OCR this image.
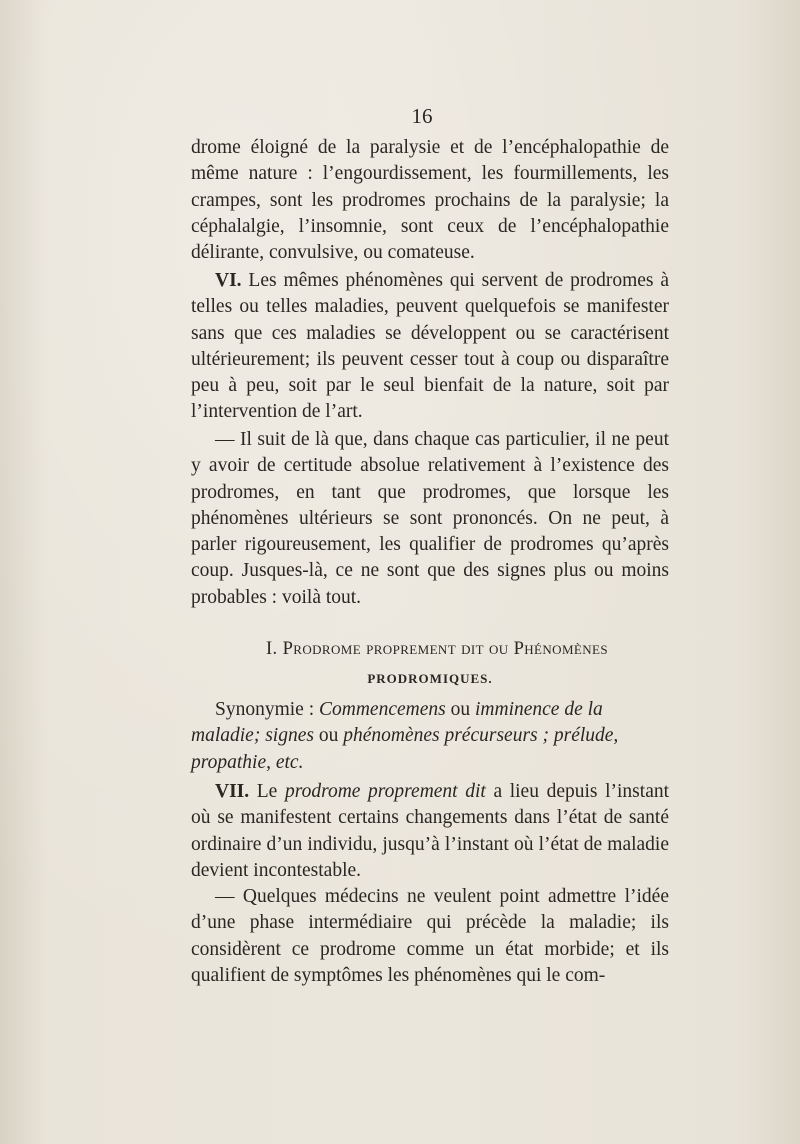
16

drome éloigné de la paralysie et de l’encéphalopathie de même nature : l’engourdissement, les fourmillements, les crampes, sont les prodromes prochains de la paralysie; la céphalalgie, l’insomnie, sont ceux de l’encéphalopathie délirante, convulsive, ou comateuse.

VI. Les mêmes phénomènes qui servent de prodromes à telles ou telles maladies, peuvent quelquefois se manifester sans que ces maladies se développent ou se caractérisent ultérieurement; ils peuvent cesser tout à coup ou disparaître peu à peu, soit par le seul bienfait de la nature, soit par l’intervention de l’art.

— Il suit de là que, dans chaque cas particulier, il ne peut y avoir de certitude absolue relativement à l’existence des prodromes, en tant que prodromes, que lorsque les phénomènes ultérieurs se sont prononcés. On ne peut, à parler rigoureusement, les qualifier de prodromes qu’après coup. Jusques-là, ce ne sont que des signes plus ou moins probables : voilà tout.

I. Prodrome proprement dit ou Phénomènes
PRODROMIQUES.

Synonymie : Commencemens ou imminence de la maladie; signes ou phénomènes précurseurs ; prélude, propathie, etc.

VII. Le prodrome proprement dit a lieu depuis l’instant où se manifestent certains changements dans l’état de santé ordinaire d’un individu, jusqu’à l’instant où l’état de maladie devient incontestable.

— Quelques médecins ne veulent point admettre l’idée d’une phase intermédiaire qui précède la maladie; ils considèrent ce prodrome comme un état morbide; et ils qualifient de symptômes les phénomènes qui le com-
